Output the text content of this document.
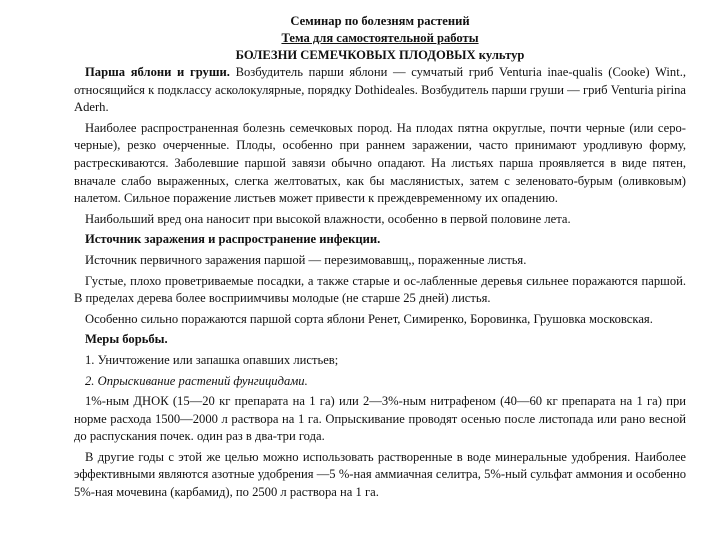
Семинар по болезням растений
Тема для самостоятельной работы
БОЛЕЗНИ СЕМЕЧКОВЫХ ПЛОДОВЫХ культур

Парша яблони и груши. Возбудитель парши яблони — сумчатый гриб Venturia inae-qualis (Cooke) Wint., относящийся к подклассу асколокулярные, порядку Dothideales. Возбудитель парши груши — гриб Venturia pirina Aderh.

Наиболее распространенная болезнь семечковых пород. На плодах пятна округлые, почти черные (или серо-черные), резко очерченные. Плоды, особенно при раннем заражении, часто принимают уродливую форму, растрескиваются. Заболевшие паршой завязи обычно опадают. На листьях парша проявляется в виде пятен, вначале слабо выраженных, слегка желтоватых, как бы маслянистых, затем с зеленовато-бурым (оливковым) налетом. Сильное поражение листьев может привести к преждевременному их опадению.

Наибольший вред она наносит при высокой влажности, особенно в первой половине лета.

Источник заражения и распространение инфекции.

Источник первичного заражения паршой — перезимовавшц,, пораженные листья.

Густые, плохо проветриваемые посадки, а также старые и ос-лабленные деревья сильнее поражаются паршой. В пределах дерева более восприимчивы молодые (не старше 25 дней) листья.

Особенно сильно поражаются паршой сорта яблони Ренет, Симиренко, Боровинка, Грушовка московская.

Меры борьбы.

1. Уничтожение или запашка опавших листьев;

2. Опрыскивание растений фунгицидами.

1%-ным ДНОК (15—20 кг препарата на 1 га) или 2—3%-ным нитрафеном (40—60 кг препарата на 1 га) при норме расхода 1500—2000 л раствора на 1 га. Опрыскивание проводят осенью после листопада или рано весной до распускания почек. один раз в два-три года.

В другие годы с этой же целью можно использовать растворенные в воде минеральные удобрения. Наиболее эффективными являются азотные удобрения —5 %-ная аммиачная селитра, 5%-ный сульфат аммония и особенно 5%-ная мочевина (карбамид), по 2500 л раствора на 1 га.
